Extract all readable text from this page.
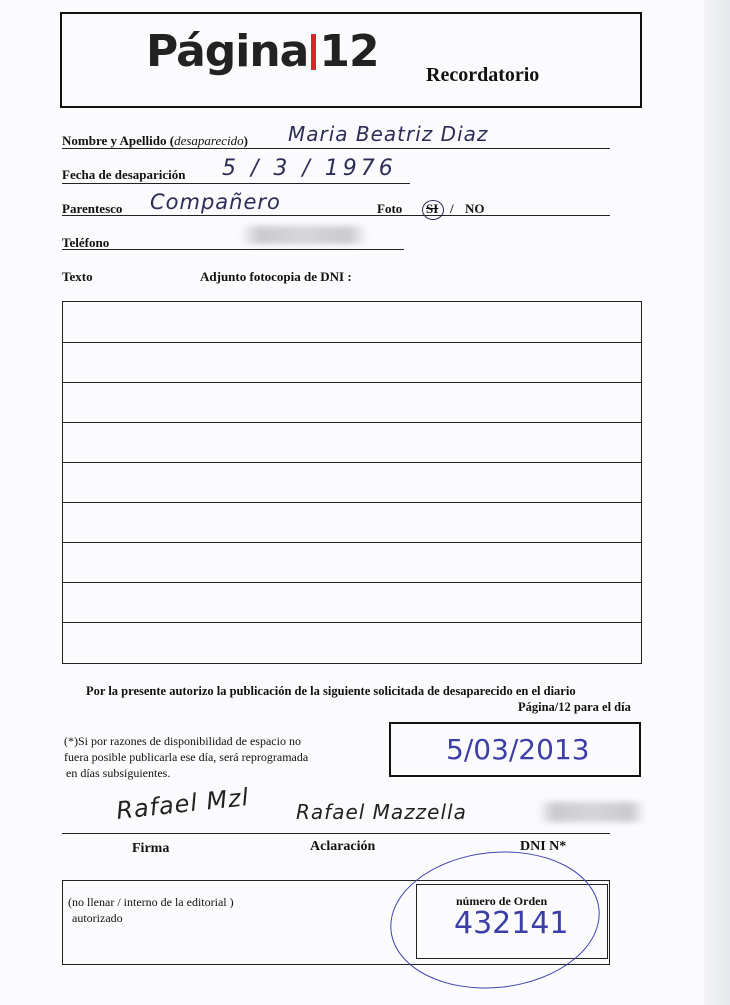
Página 12 Recordatorio
Nombre y Apellido (desaparecido) Maria Beatriz Diaz
Fecha de desaparición 5 / 3 / 1976
Parentesco Compañero	Foto SI / NO
Teléfono
Texto	Adjunto fotocopia de DNI :
Por la presente autorizo la publicación de la siguiente solicitada de desaparecido en el diario
Página/12 para el día
(*)Si por razones de disponibilidad de espacio no
fuera posible publicarla ese día, será reprogramada
en días subsiguientes.
5/03/2013
Rafael Mzl Rafael Mazzella
Firma	Aclaración	DNI N*
(no llenar / interno de la editorial )
autorizado
número de Orden
432141
